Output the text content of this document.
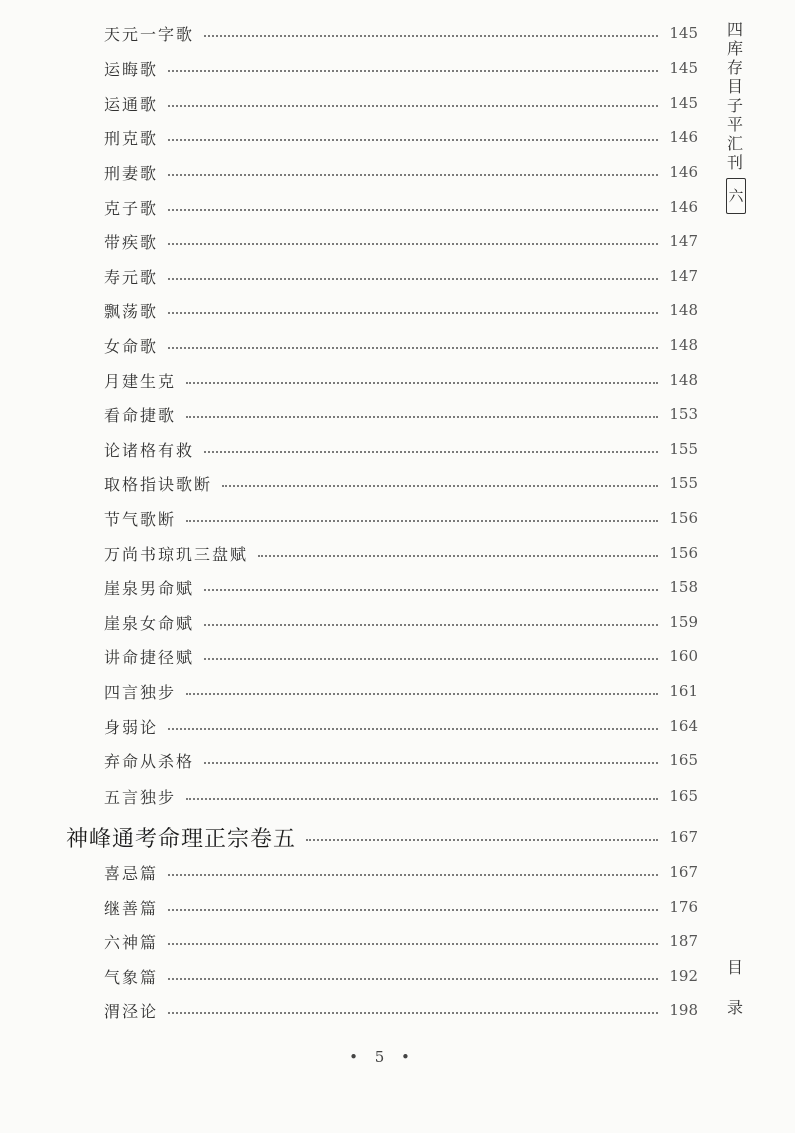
天元一字歌	145
运晦歌	145
运通歌	145
刑克歌	146
刑妻歌	146
克子歌	146
带疾歌	147
寿元歌	147
飘荡歌	148
女命歌	148
月建生克	148
看命捷歌	153
论诸格有救	155
取格指诀歌断	155
节气歌断	156
万尚书琼玑三盘赋	156
崖泉男命赋	158
崖泉女命赋	159
讲命捷径赋	160
四言独步	161
身弱论	164
弃命从杀格	165
五言独步	165
神峰通考命理正宗卷五	167
喜忌篇	167
继善篇	176
六神篇	187
气象篇	192
渭泾论	198
四
库
存
目
子
平
汇
刊
六
目
录
• 5 •
